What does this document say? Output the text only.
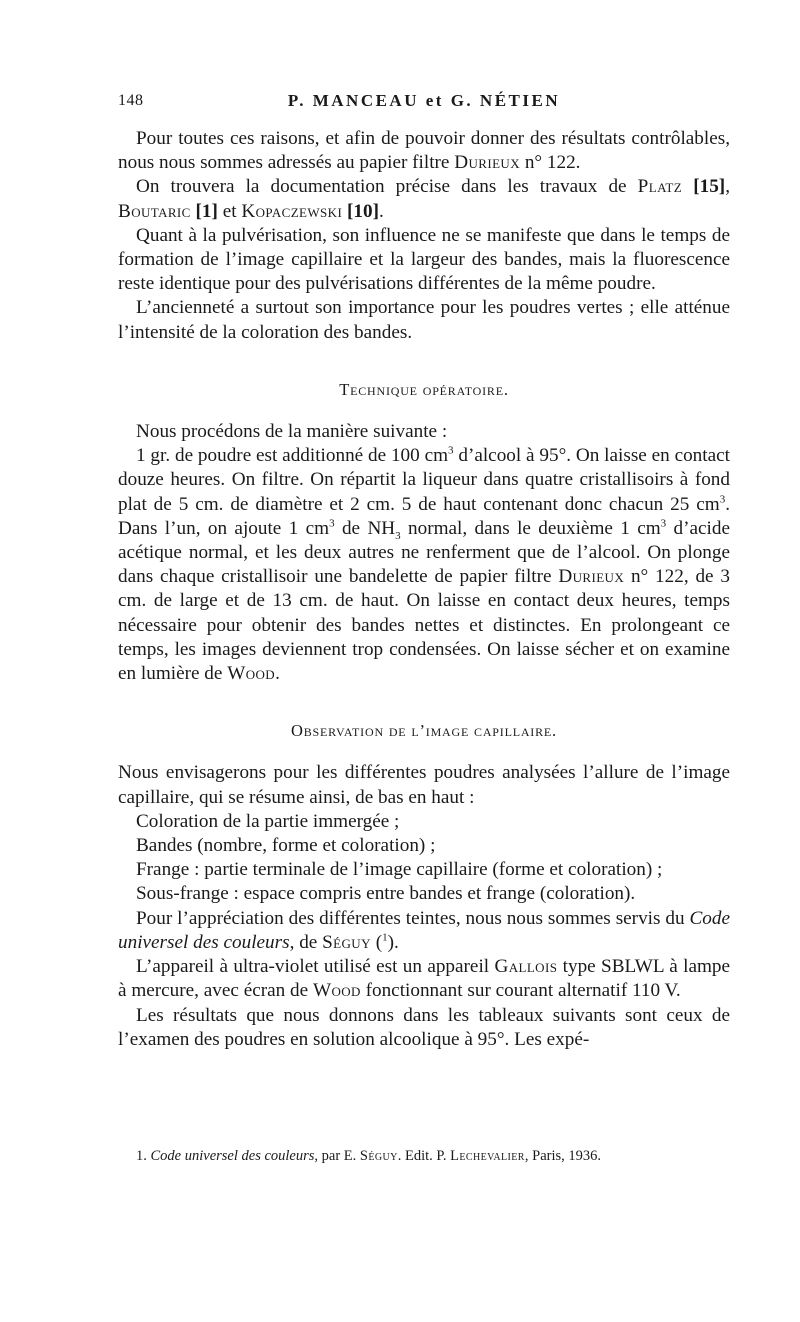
148	P. MANCEAU et G. NÉTIEN

Pour toutes ces raisons, et afin de pouvoir donner des résultats contrôlables, nous nous sommes adressés au papier filtre Durieux n° 122.

On trouvera la documentation précise dans les travaux de Platz [15], Boutaric [1] et Kopaczewski [10].

Quant à la pulvérisation, son influence ne se manifeste que dans le temps de formation de l’image capillaire et la largeur des bandes, mais la fluorescence reste identique pour des pulvérisations différentes de la même poudre.

L’ancienneté a surtout son importance pour les poudres vertes ; elle atténue l’intensité de la coloration des bandes.

Technique opératoire.

Nous procédons de la manière suivante :

1 gr. de poudre est additionné de 100 $cm^3$ d’alcool à 95°. On laisse en contact douze heures. On filtre. On répartit la liqueur dans quatre cristallisoirs à fond plat de 5 cm. de diamètre et 2 cm. 5 de haut contenant donc chacun 25 $cm^3$. Dans l’un, on ajoute 1 $cm^3$ de $NH_3$ normal, dans le deuxième 1 $cm^3$ d’acide acétique normal, et les deux autres ne renferment que de l’alcool. On plonge dans chaque cristallisoir une bandelette de papier filtre Durieux n° 122, de 3 cm. de large et de 13 cm. de haut. On laisse en contact deux heures, temps nécessaire pour obtenir des bandes nettes et distinctes. En prolongeant ce temps, les images deviennent trop condensées. On laisse sécher et on examine en lumière de Wood.

Observation de l’image capillaire.

Nous envisagerons pour les différentes poudres analysées l’allure de l’image capillaire, qui se résume ainsi, de bas en haut :

Coloration de la partie immergée ;

Bandes (nombre, forme et coloration) ;

Frange : partie terminale de l’image capillaire (forme et coloration) ;

Sous-frange : espace compris entre bandes et frange (coloration).

Pour l’appréciation des différentes teintes, nous nous sommes servis du Code universel des couleurs, de Séguy ($^1$).

L’appareil à ultra-violet utilisé est un appareil Gallois type SBLWL à lampe à mercure, avec écran de Wood fonctionnant sur courant alternatif 110 V.

Les résultats que nous donnons dans les tableaux suivants sont ceux de l’examen des poudres en solution alcoolique à 95°. Les expé-

1. Code universel des couleurs, par E. Séguy. Edit. P. Lechevalier, Paris, 1936.
